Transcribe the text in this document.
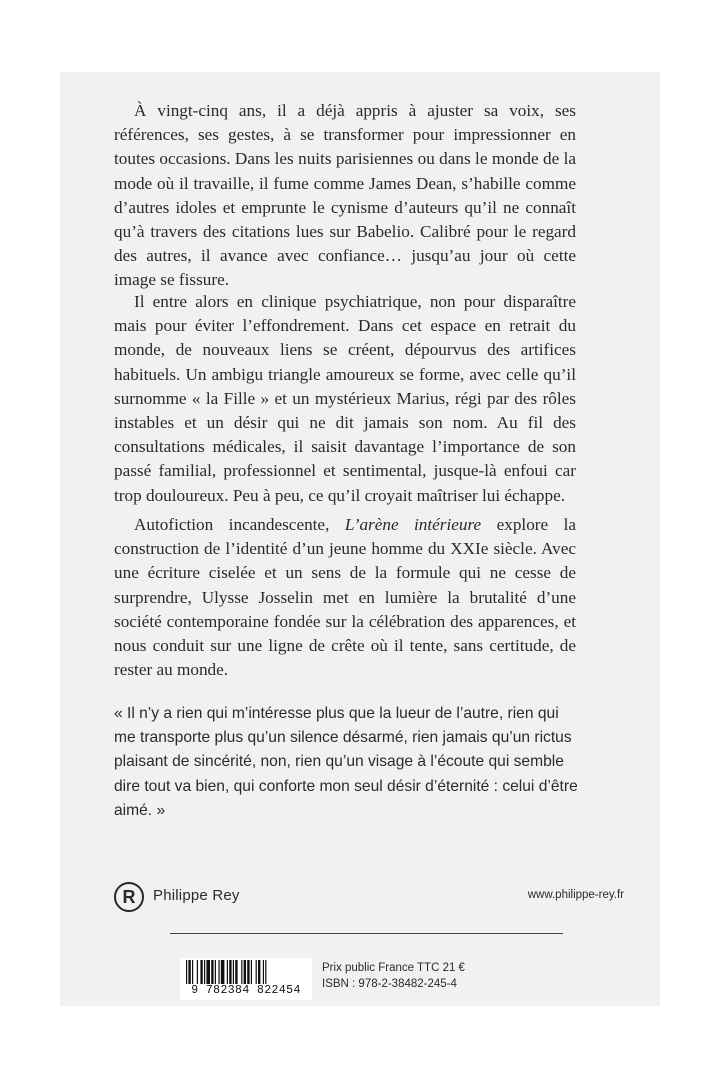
À vingt-cinq ans, il a déjà appris à ajuster sa voix, ses références, ses gestes, à se transformer pour impressionner en toutes occasions. Dans les nuits parisiennes ou dans le monde de la mode où il travaille, il fume comme James Dean, s’habille comme d’autres idoles et emprunte le cynisme d’auteurs qu’il ne connaît qu’à travers des citations lues sur Babelio. Calibré pour le regard des autres, il avance avec confiance… jusqu’au jour où cette image se fissure.

Il entre alors en clinique psychiatrique, non pour disparaître mais pour éviter l’effondrement. Dans cet espace en retrait du monde, de nouveaux liens se créent, dépourvus des artifices habituels. Un ambigu triangle amoureux se forme, avec celle qu’il surnomme « la Fille » et un mystérieux Marius, régi par des rôles instables et un désir qui ne dit jamais son nom. Au fil des consultations médicales, il saisit davantage l’importance de son passé familial, professionnel et sentimental, jusque-là enfoui car trop douloureux. Peu à peu, ce qu’il croyait maîtriser lui échappe.

Autofiction incandescente, L’arène intérieure explore la construction de l’identité d’un jeune homme du XXIe siècle. Avec une écriture ciselée et un sens de la formule qui ne cesse de surprendre, Ulysse Josselin met en lumière la brutalité d’une société contemporaine fondée sur la célébration des apparences, et nous conduit sur une ligne de crête où il tente, sans certitude, de rester au monde.

« Il n’y a rien qui m’intéresse plus que la lueur de l’autre, rien qui me transporte plus qu’un silence désarmé, rien jamais qu’un rictus plaisant de sincérité, non, rien qu’un visage à l’écoute qui semble dire tout va bien, qui conforte mon seul désir d’éternité : celui d’être aimé. »

R Philippe Rey	www.philippe-rey.fr
9 782384 822454
Prix public France TTC 21 €
ISBN : 978-2-38482-245-4
